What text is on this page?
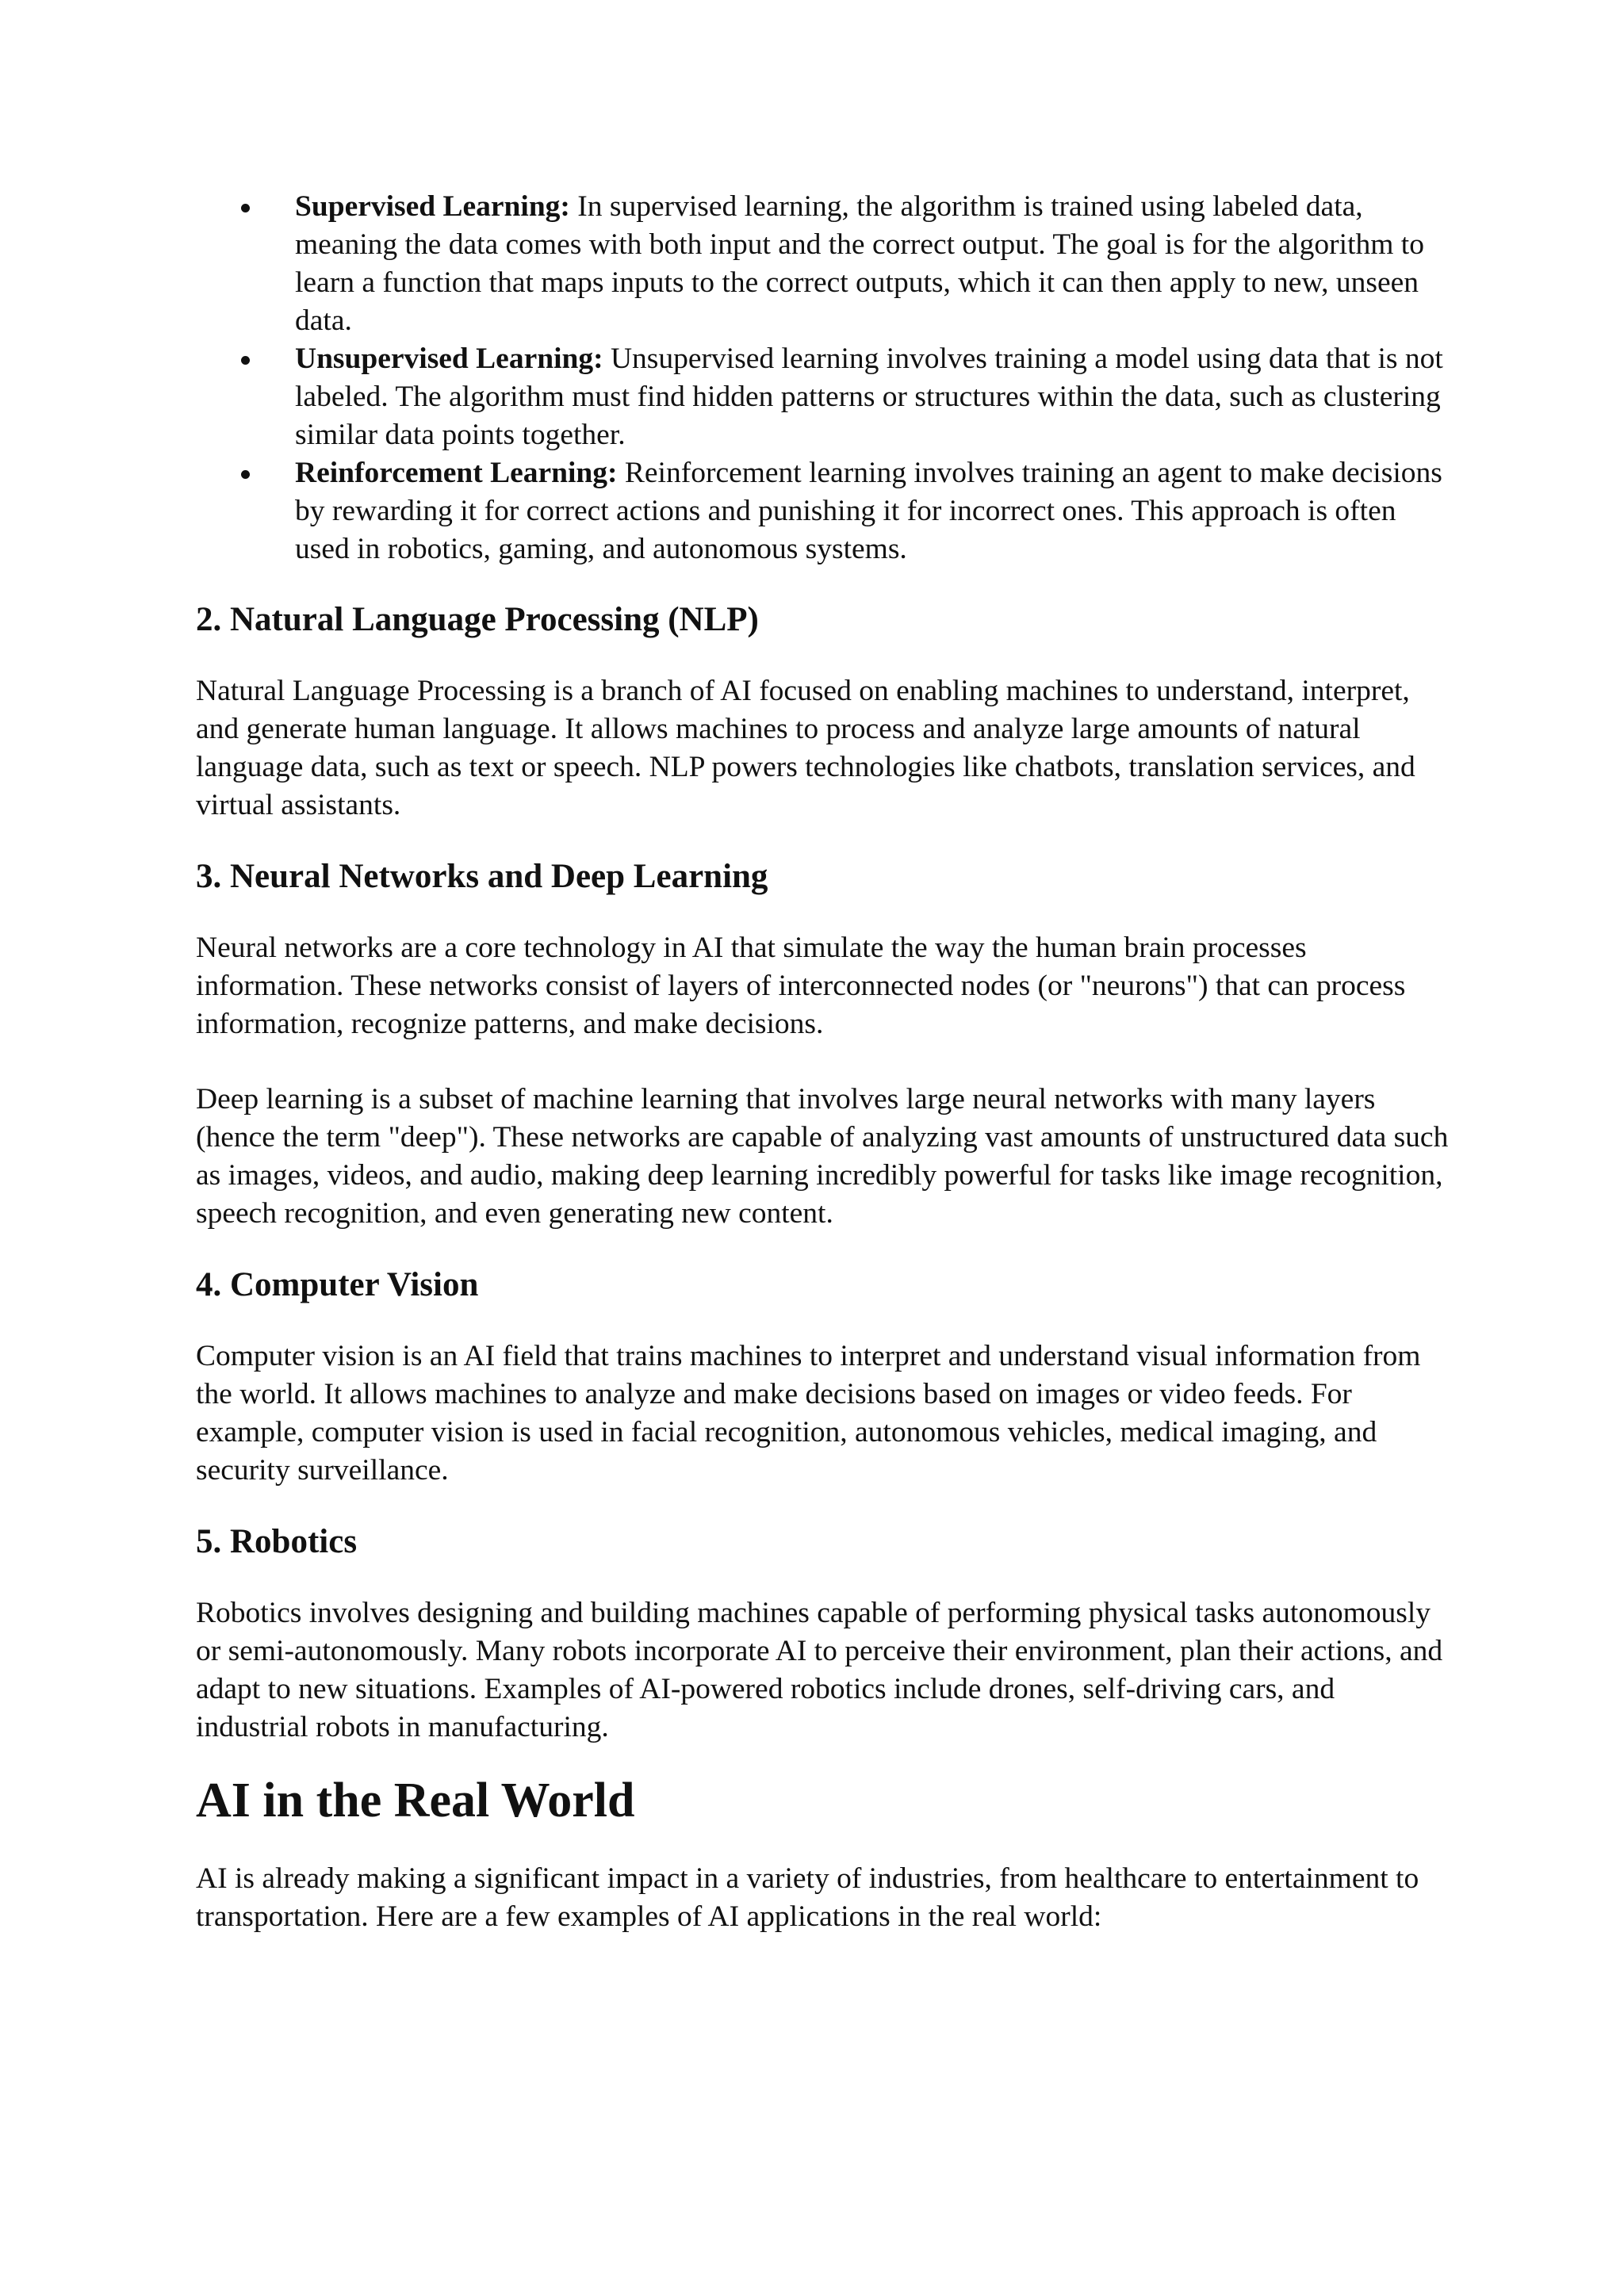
Supervised Learning: In supervised learning, the algorithm is trained using labeled data, meaning the data comes with both input and the correct output. The goal is for the algorithm to learn a function that maps inputs to the correct outputs, which it can then apply to new, unseen data.
Unsupervised Learning: Unsupervised learning involves training a model using data that is not labeled. The algorithm must find hidden patterns or structures within the data, such as clustering similar data points together.
Reinforcement Learning: Reinforcement learning involves training an agent to make decisions by rewarding it for correct actions and punishing it for incorrect ones. This approach is often used in robotics, gaming, and autonomous systems.
2. Natural Language Processing (NLP)

Natural Language Processing is a branch of AI focused on enabling machines to understand, interpret, and generate human language. It allows machines to process and analyze large amounts of natural language data, such as text or speech. NLP powers technologies like chatbots, translation services, and virtual assistants.

3. Neural Networks and Deep Learning

Neural networks are a core technology in AI that simulate the way the human brain processes information. These networks consist of layers of interconnected nodes (or "neurons") that can process information, recognize patterns, and make decisions.

Deep learning is a subset of machine learning that involves large neural networks with many layers (hence the term "deep"). These networks are capable of analyzing vast amounts of unstructured data such as images, videos, and audio, making deep learning incredibly powerful for tasks like image recognition, speech recognition, and even generating new content.

4. Computer Vision

Computer vision is an AI field that trains machines to interpret and understand visual information from the world. It allows machines to analyze and make decisions based on images or video feeds. For example, computer vision is used in facial recognition, autonomous vehicles, medical imaging, and security surveillance.

5. Robotics

Robotics involves designing and building machines capable of performing physical tasks autonomously or semi-autonomously. Many robots incorporate AI to perceive their environment, plan their actions, and adapt to new situations. Examples of AI-powered robotics include drones, self-driving cars, and industrial robots in manufacturing.

AI in the Real World

AI is already making a significant impact in a variety of industries, from healthcare to entertainment to transportation. Here are a few examples of AI applications in the real world:
